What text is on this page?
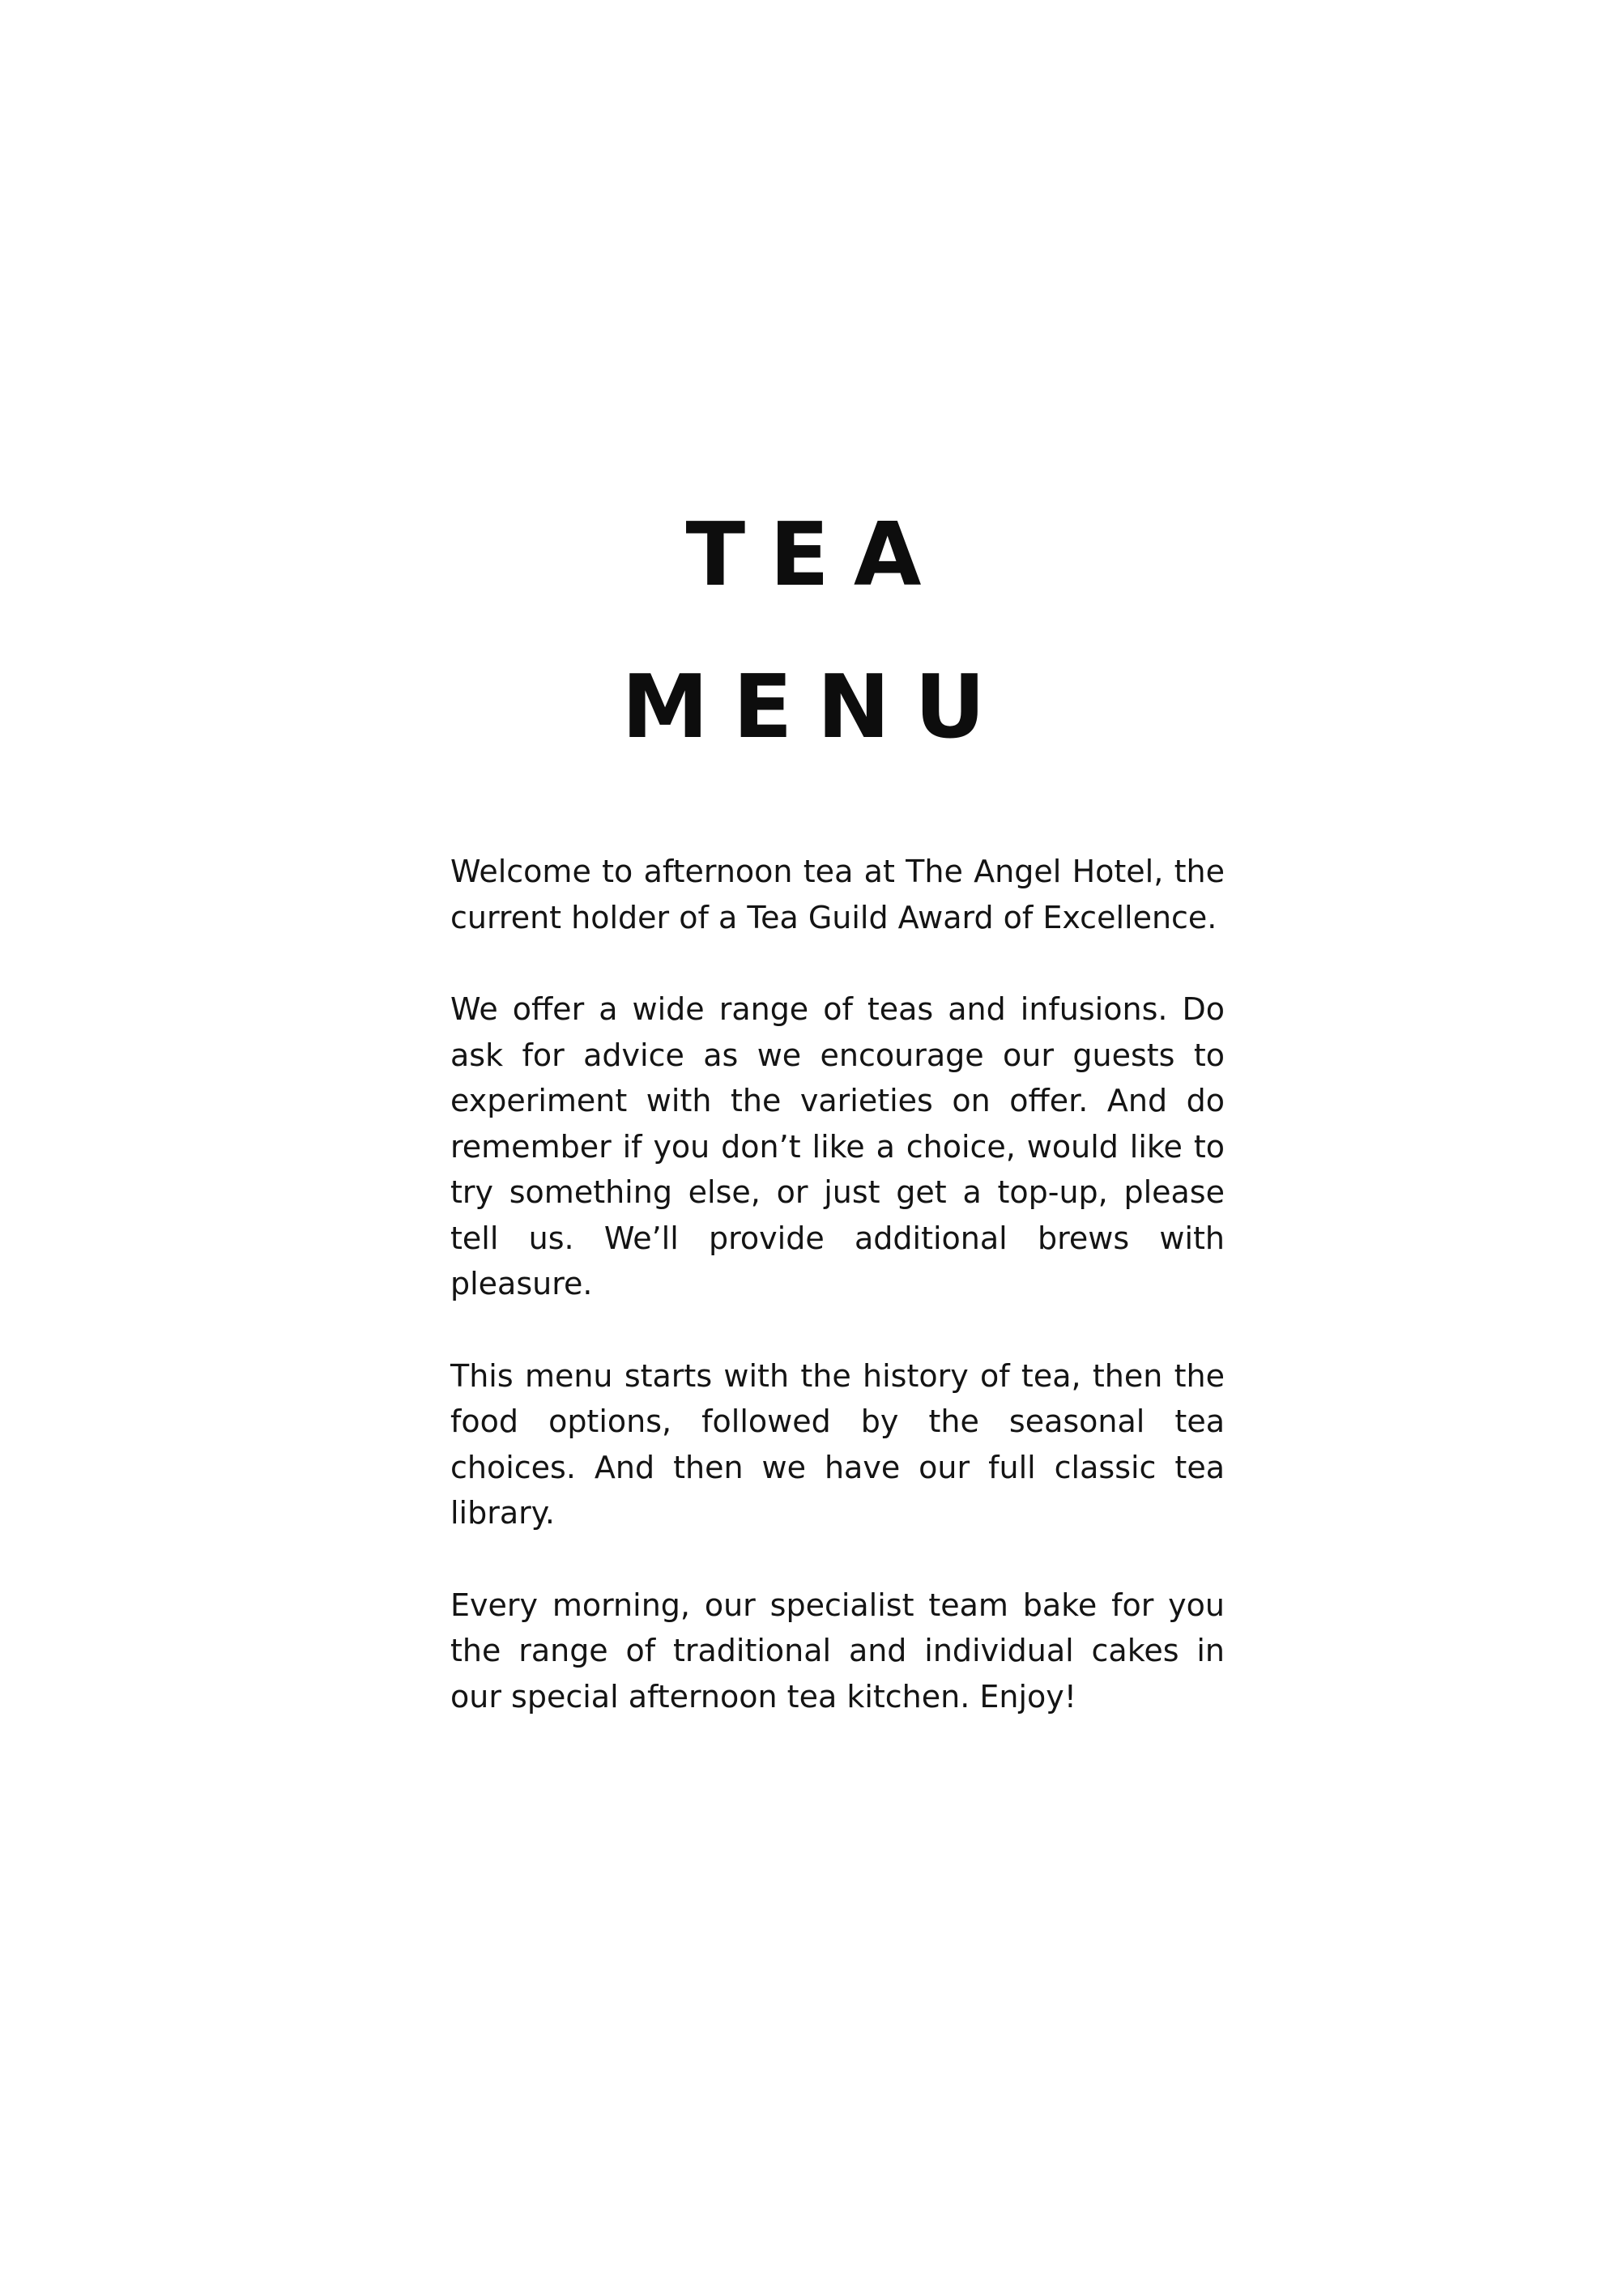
TEA
MENU

Welcome to afternoon tea at The Angel Hotel, the current holder of a Tea Guild Award of Excellence.

We offer a wide range of teas and infusions. Do ask for advice as we encourage our guests to experiment with the varieties on offer. And do remember if you don’t like a choice, would like to try something else, or just get a top-up, please tell us. We’ll provide additional brews with pleasure.

This menu starts with the history of tea, then the food options, followed by the seasonal tea choices. And then we have our full classic tea library.

Every morning, our specialist team bake for you the range of traditional and individual cakes in our special afternoon tea kitchen. Enjoy!
